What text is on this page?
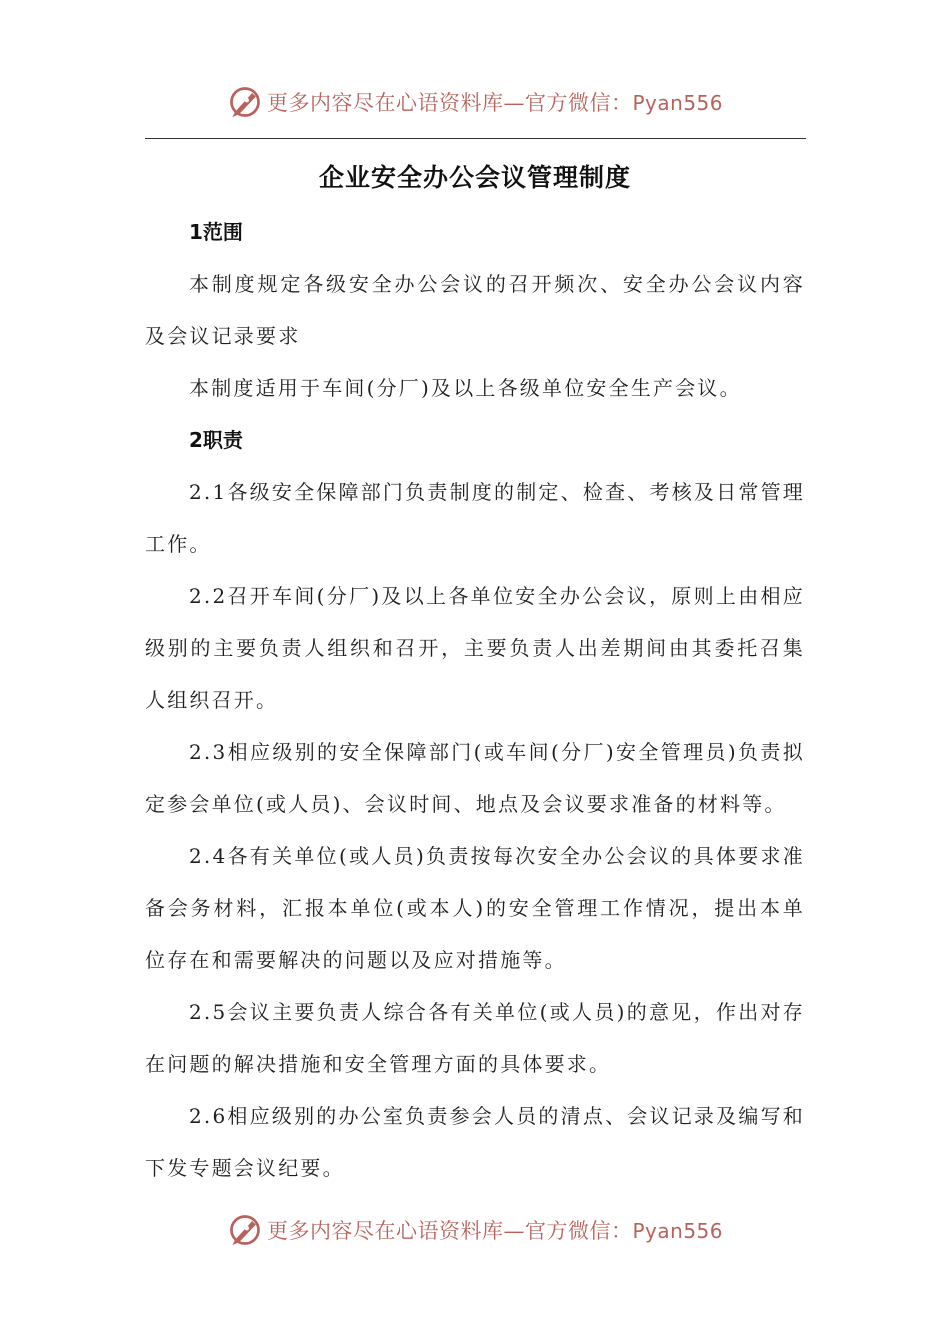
更多内容尽在心语资料库—官方微信：Pyan556
企业安全办公会议管理制度

1范围

本制度规定各级安全办公会议的召开频次、安全办公会议内容及会议记录要求

本制度适用于车间(分厂)及以上各级单位安全生产会议。

2职责

2.1各级安全保障部门负责制度的制定、检查、考核及日常管理工作。

2.2召开车间(分厂)及以上各单位安全办公会议，原则上由相应级别的主要负责人组织和召开，主要负责人出差期间由其委托召集人组织召开。

2.3相应级别的安全保障部门(或车间(分厂)安全管理员)负责拟定参会单位(或人员)、会议时间、地点及会议要求准备的材料等。

2.4各有关单位(或人员)负责按每次安全办公会议的具体要求准备会务材料，汇报本单位(或本人)的安全管理工作情况，提出本单位存在和需要解决的问题以及应对措施等。

2.5会议主要负责人综合各有关单位(或人员)的意见，作出对存在问题的解决措施和安全管理方面的具体要求。

2.6相应级别的办公室负责参会人员的清点、会议记录及编写和下发专题会议纪要。

更多内容尽在心语资料库—官方微信：Pyan556
